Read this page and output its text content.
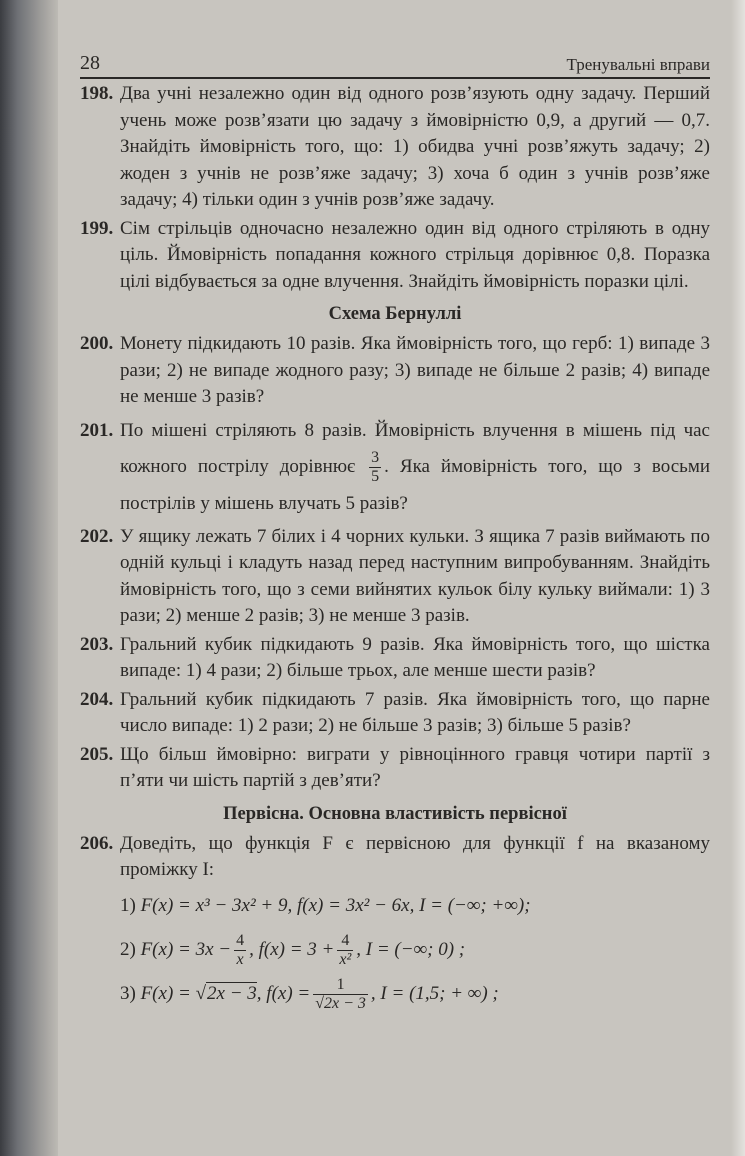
28	Тренувальні вправи
198. Два учні незалежно один від одного розв’язують одну задачу. Перший учень може розв’язати цю задачу з ймовірністю 0,9, а другий — 0,7. Знайдіть ймовірність того, що: 1) обидва учні розв’яжуть задачу; 2) жоден з учнів не розв’яже задачу; 3) хоча б один з учнів розв’яже задачу; 4) тільки один з учнів розв’яже задачу.
199. Сім стрільців одночасно незалежно один від одного стріляють в одну ціль. Ймовірність попадання кожного стрільця дорівнює 0,8. Поразка цілі відбувається за одне влучення. Знайдіть ймовірність поразки цілі.
Схема Бернуллі
200. Монету підкидають 10 разів. Яка ймовірність того, що герб: 1) випаде 3 рази; 2) не випаде жодного разу; 3) випаде не більше 2 разів; 4) випаде не менше 3 разів?
201. По мішені стріляють 8 разів. Ймовірність влучення в мішень під час кожного пострілу дорівнює $\frac{3}{5}$ . Яка ймовірність того, що з восьми пострілів у мішень влучать 5 разів?
202. У ящику лежать 7 білих і 4 чорних кульки. З ящика 7 разів виймають по одній кульці і кладуть назад перед наступним випробуванням. Знайдіть ймовірність того, що з семи вийнятих кульок білу кульку виймали: 1) 3 рази; 2) менше 2 разів; 3) не менше 3 разів.
203. Гральний кубик підкидають 9 разів. Яка ймовірність того, що шістка випаде: 1) 4 рази; 2) більше трьох, але менше шести разів?
204. Гральний кубик підкидають 7 разів. Яка ймовірність того, що парне число випаде: 1) 2 рази; 2) не більше 3 разів; 3) більше 5 разів?
205. Що більш ймовірно: виграти у рівноцінного гравця чотири партії з п’яти чи шість партій з дев’яти?
Первісна. Основна властивість первісної
206. Доведіть, що функція F є первісною для функції f на вказаному проміжку I:
1) F(x) = x³ − 3x² + 9, f(x) = 3x² − 6x, I = (−∞; +∞);
2) $F(x) = 3x - \frac{4}{x}$ , $f(x) = 3 + \frac{4}{\text{x²}}$ , I = (−∞; 0) ;
3) F(x) = √2x − 3, $f(x) = \frac{1}{√2x - 3}$ , I = (1,5; + ∞) ;
